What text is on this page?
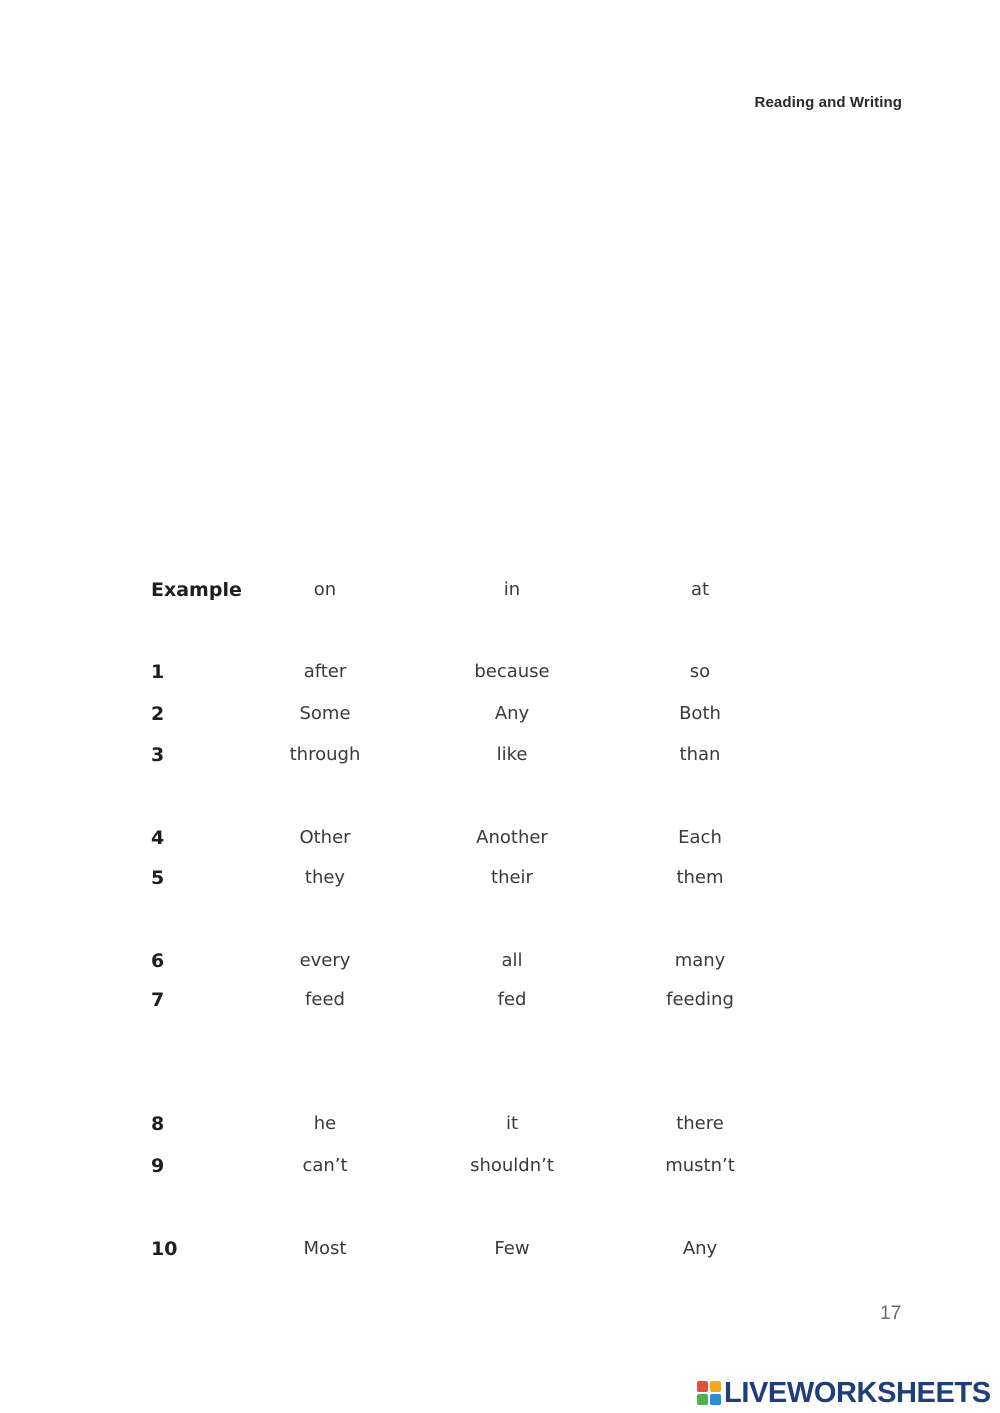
Reading and Writing
Example	on	in	at
1	after	because	so
2	Some	Any	Both
3	through	like	than
4	Other	Another	Each
5	they	their	them
6	every	all	many
7	feed	fed	feeding
8	he	it	there
9	can’t	shouldn’t	mustn’t
10	Most	Few	Any
17
LIVEWORKSHEETS
